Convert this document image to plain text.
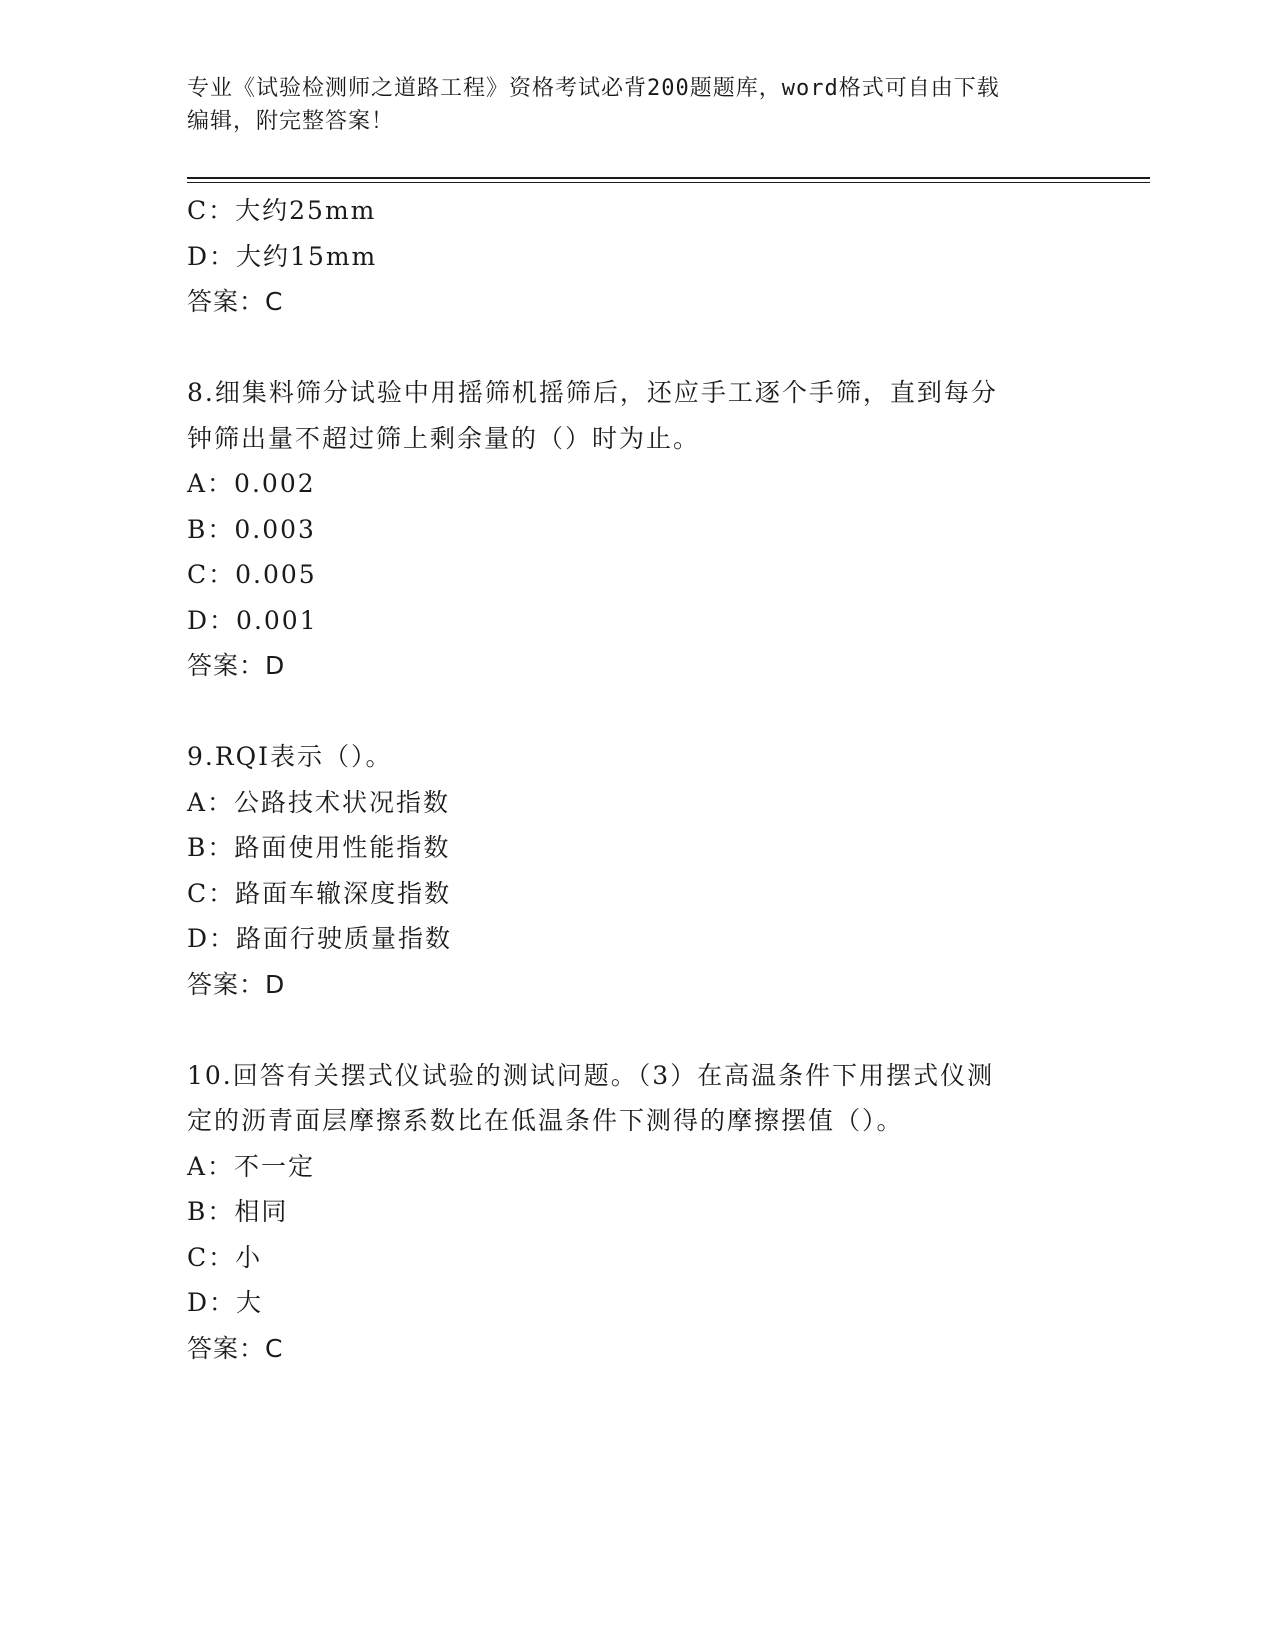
专业《试验检测师之道路工程》资格考试必背200题题库，word格式可自由下载
编辑，附完整答案！
C：大约25mm
D：大约15mm
答案：C
8.细集料筛分试验中用摇筛机摇筛后，还应手工逐个手筛，直到每分
钟筛出量不超过筛上剩余量的（）时为止。
A：0.002
B：0.003
C：0.005
D：0.001
答案：D
9.RQI表示（）。
A：公路技术状况指数
B：路面使用性能指数
C：路面车辙深度指数
D：路面行驶质量指数
答案：D
10.回答有关摆式仪试验的测试问题。（3）在高温条件下用摆式仪测
定的沥青面层摩擦系数比在低温条件下测得的摩擦摆值（）。
A：不一定
B：相同
C：小
D：大
答案：C
